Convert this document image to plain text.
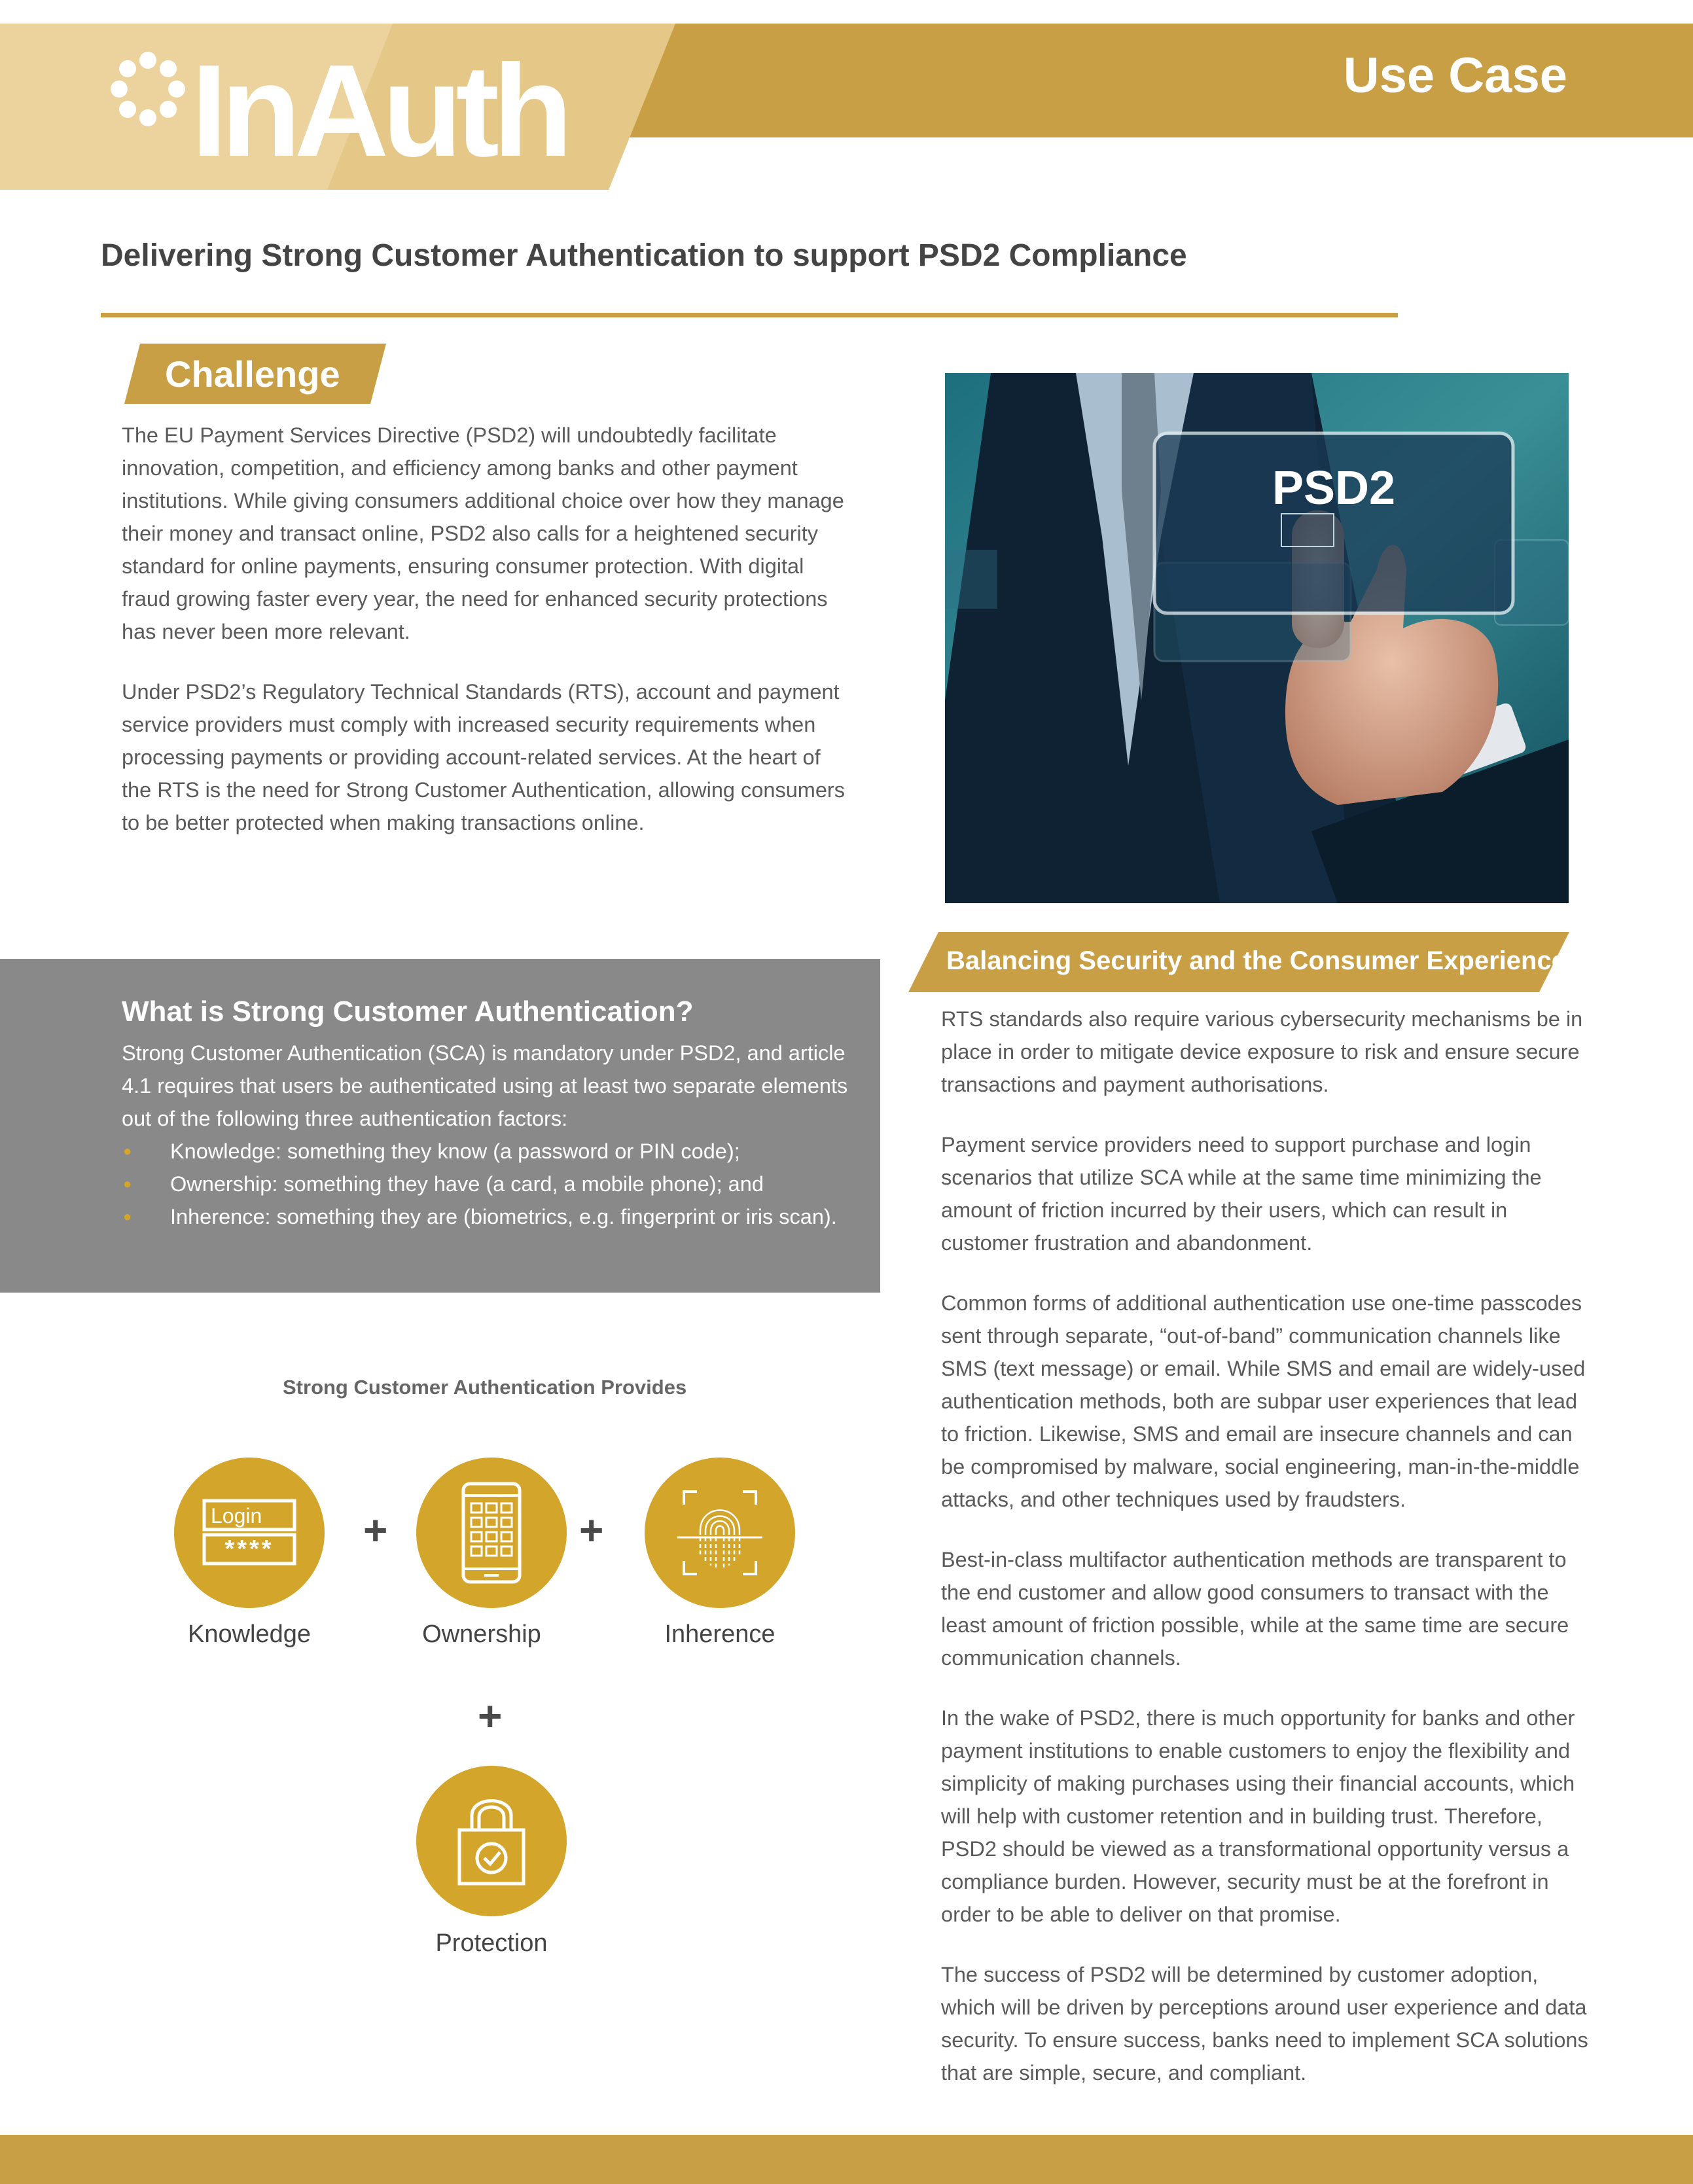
InAuth	Use Case
Delivering Strong Customer Authentication to support PSD2 Compliance
Challenge

The EU Payment Services Directive (PSD2) will undoubtedly facilitate innovation, competition, and efficiency among banks and other payment institutions. While giving consumers additional choice over how they manage their money and transact online, PSD2 also calls for a heightened security standard for online payments, ensuring consumer protection. With digital fraud growing faster every year, the need for enhanced security protections has never been more relevant.

Under PSD2’s Regulatory Technical Standards (RTS), account and payment service providers must comply with increased security requirements when processing payments or providing account-related services. At the heart of the RTS is the need for Strong Customer Authentication, allowing consumers to be better protected when making transactions online.

PSD2
Balancing Security and the Consumer Experience

RTS standards also require various cybersecurity mechanisms be in place in order to mitigate device exposure to risk and ensure secure transactions and payment authorisations.

Payment service providers need to support purchase and login scenarios that utilize SCA while at the same time minimizing the amount of friction incurred by their users, which can result in customer frustration and abandonment.

Common forms of additional authentication use one-time passcodes sent through separate, “out-of-band” communication channels like SMS (text message) or email. While SMS and email are widely-used authentication methods, both are subpar user experiences that lead to friction. Likewise, SMS and email are insecure channels and can be compromised by malware, social engineering, man-in-the-middle attacks, and other techniques used by fraudsters.

Best-in-class multifactor authentication methods are transparent to the end customer and allow good consumers to transact with the least amount of friction possible, while at the same time are secure communication channels.

In the wake of PSD2, there is much opportunity for banks and other payment institutions to enable customers to enjoy the flexibility and simplicity of making purchases using their financial accounts, which will help with customer retention and in building trust. Therefore, PSD2 should be viewed as a transformational opportunity versus a compliance burden. However, security must be at the forefront in order to be able to deliver on that promise.

The success of PSD2 will be determined by customer adoption, which will be driven by perceptions around user experience and data security. To ensure success, banks need to implement SCA solutions that are simple, secure, and compliant.

What is Strong Customer Authentication?

Strong Customer Authentication (SCA) is mandatory under PSD2, and article 4.1 requires that users be authenticated using at least two separate elements out of the following three authentication factors:

● Knowledge: something they know (a password or PIN code);
● Ownership: something they have (a card, a mobile phone); and
● Inherence: something they are (biometrics, e.g. fingerprint or iris scan).
Strong Customer Authentication Provides
Login
****
Knowledge
+
Ownership
+
Inherence
+
Protection
